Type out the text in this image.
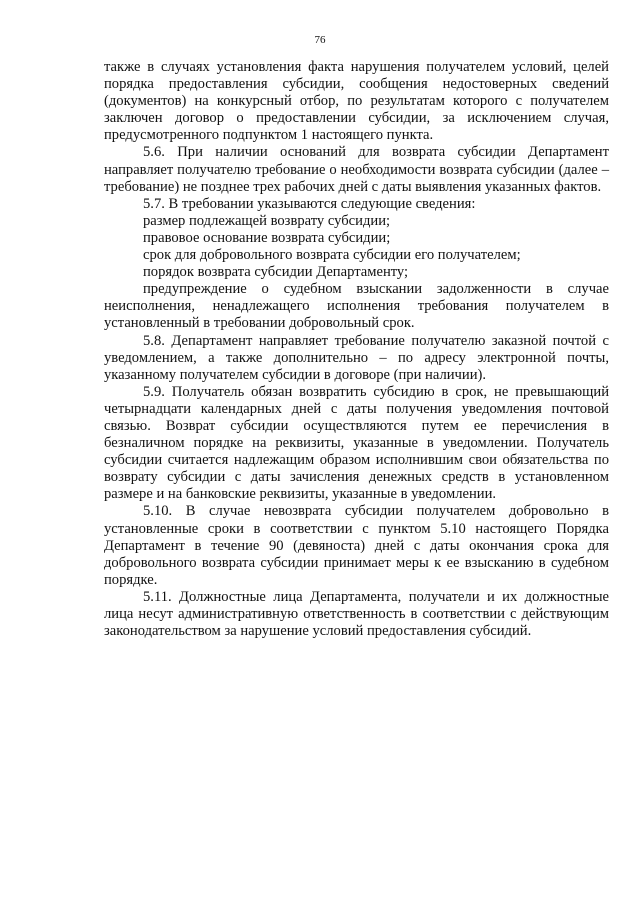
76

также в случаях установления факта нарушения получателем условий, целей порядка предоставления субсидии, сообщения недостоверных сведений (документов) на конкурсный отбор, по результатам которого с получателем заключен договор о предоставлении субсидии, за исключением случая, предусмотренного подпунктом 1 настоящего пункта.

5.6. При наличии оснований для возврата субсидии Департамент направляет получателю требование о необходимости возврата субсидии (далее – требование) не позднее трех рабочих дней с даты выявления указанных фактов.

5.7. В требовании указываются следующие сведения:

размер подлежащей возврату субсидии;

правовое основание возврата субсидии;

срок для добровольного возврата субсидии его получателем;

порядок возврата субсидии Департаменту;

предупреждение о судебном взыскании задолженности в случае неисполнения, ненадлежащего исполнения требования получателем в установленный в требовании добровольный срок.

5.8. Департамент направляет требование получателю заказной почтой с уведомлением, а также дополнительно – по адресу электронной почты, указанному получателем субсидии в договоре (при наличии).

5.9. Получатель обязан возвратить субсидию в срок, не превышающий четырнадцати календарных дней с даты получения уведомления почтовой связью. Возврат субсидии осуществляются путем ее перечисления в безналичном порядке на реквизиты, указанные в уведомлении. Получатель субсидии считается надлежащим образом исполнившим свои обязательства по возврату субсидии с даты зачисления денежных средств в установленном размере и на банковские реквизиты, указанные в уведомлении.

5.10. В случае невозврата субсидии получателем добровольно в установленные сроки в соответствии с пунктом 5.10 настоящего Порядка Департамент в течение 90 (девяноста) дней с даты окончания срока для добровольного возврата субсидии принимает меры к ее взысканию в судебном порядке.

5.11. Должностные лица Департамента, получатели и их должностные лица несут административную ответственность в соответствии с действующим законодательством за нарушение условий предоставления субсидий.
